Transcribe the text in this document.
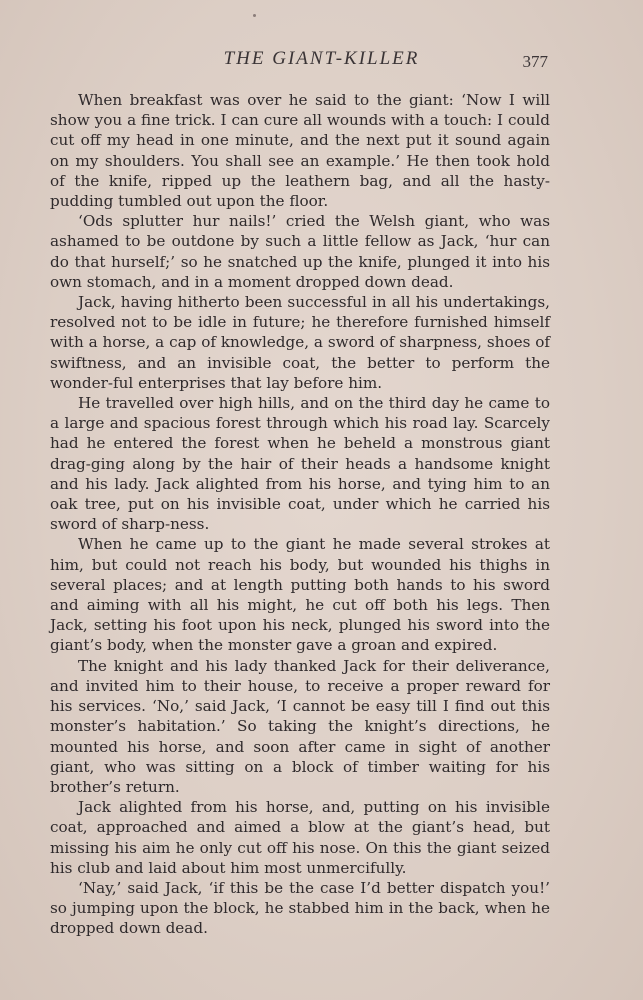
THE GIANT-KILLER	377

When breakfast was over he said to the giant: ‘Now I will show you a fine trick. I can cure all wounds with a touch: I could cut off my head in one minute, and the next put it sound again on my shoulders. You shall see an example.’ He then took hold of the knife, ripped up the leathern bag, and all the hasty-pudding tumbled out upon the floor.

‘Ods splutter hur nails!’ cried the Welsh giant, who was ashamed to be outdone by such a little fellow as Jack, ‘hur can do that hurself;’ so he snatched up the knife, plunged it into his own stomach, and in a moment dropped down dead.

Jack, having hitherto been successful in all his undertakings, resolved not to be idle in future; he therefore furnished himself with a horse, a cap of knowledge, a sword of sharpness, shoes of swiftness, and an invisible coat, the better to perform the wonder-ful enterprises that lay before him.

He travelled over high hills, and on the third day he came to a large and spacious forest through which his road lay. Scarcely had he entered the forest when he beheld a monstrous giant drag-ging along by the hair of their heads a handsome knight and his lady. Jack alighted from his horse, and tying him to an oak tree, put on his invisible coat, under which he carried his sword of sharp-ness.

When he came up to the giant he made several strokes at him, but could not reach his body, but wounded his thighs in several places; and at length putting both hands to his sword and aiming with all his might, he cut off both his legs. Then Jack, setting his foot upon his neck, plunged his sword into the giant’s body, when the monster gave a groan and expired.

The knight and his lady thanked Jack for their deliverance, and invited him to their house, to receive a proper reward for his services. ‘No,’ said Jack, ‘I cannot be easy till I find out this monster’s habitation.’ So taking the knight’s directions, he mounted his horse, and soon after came in sight of another giant, who was sitting on a block of timber waiting for his brother’s return.

Jack alighted from his horse, and, putting on his invisible coat, approached and aimed a blow at the giant’s head, but missing his aim he only cut off his nose. On this the giant seized his club and laid about him most unmercifully.

‘Nay,’ said Jack, ‘if this be the case I’d better dispatch you!’ so jumping upon the block, he stabbed him in the back, when he dropped down dead.
